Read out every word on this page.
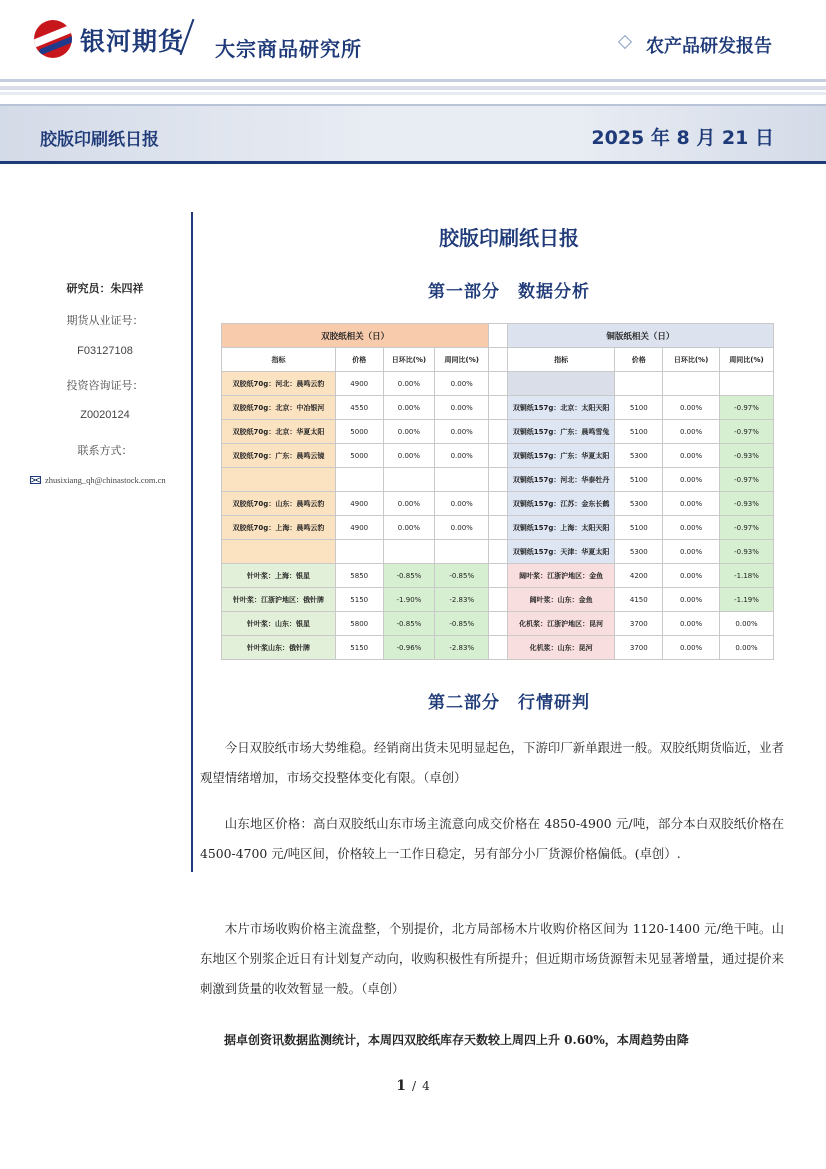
银河期货 大宗商品研究所	农产品研发报告
胶版印刷纸日报	2025 年 8 月 21 日
研究员：朱四祥
期货从业证号：
F03127108
投资咨询证号：
Z0020124
联系方式：
zhusixiang_qh@chinastock.com.cn
胶版印刷纸日报
第一部分　数据分析
双胶纸相关（日）					铜版纸相关（日）			
指标	价格	日环比(%)	周同比(%)		指标	价格	日环比(%)	周同比(%)
双胶纸70g：河北：晨鸣云豹	4900	0.00%	0.00%					
双胶纸70g：北京：中冶银河	4550	0.00%	0.00%		双铜纸157g：北京：太阳天阳	5100	0.00%	-0.97%
双胶纸70g：北京：华夏太阳	5000	0.00%	0.00%		双铜纸157g：广东：晨鸣雪兔	5100	0.00%	-0.97%
双胶纸70g：广东：晨鸣云镜	5000	0.00%	0.00%		双铜纸157g：广东：华夏太阳	5300	0.00%	-0.93%
					双铜纸157g：河北：华泰牡丹	5100	0.00%	-0.97%
双胶纸70g：山东：晨鸣云豹	4900	0.00%	0.00%		双铜纸157g：江苏：金东长鹤	5300	0.00%	-0.93%
双胶纸70g：上海：晨鸣云豹	4900	0.00%	0.00%		双铜纸157g：上海：太阳天阳	5100	0.00%	-0.97%
					双铜纸157g：天津：华夏太阳	5300	0.00%	-0.93%
针叶浆：上海：银星	5850	-0.85%	-0.85%		阔叶浆：江浙沪地区：金鱼	4200	0.00%	-1.18%
针叶浆：江浙沪地区：俄针牌	5150	-1.90%	-2.83%		阔叶浆：山东：金鱼	4150	0.00%	-1.19%
针叶浆：山东：银星	5800	-0.85%	-0.85%		化机浆：江浙沪地区：昆河	3700	0.00%	0.00%
针叶浆山东：俄针牌	5150	-0.96%	-2.83%		化机浆：山东：昆河	3700	0.00%	0.00%
第二部分　行情研判

今日双胶纸市场大势维稳。经销商出货未见明显起色，下游印厂新单跟进一般。双胶纸期货临近，业者观望情绪增加，市场交投整体变化有限。（卓创）

山东地区价格：高白双胶纸山东市场主流意向成交价格在 4850-4900 元/吨，部分本白双胶纸价格在 4500-4700 元/吨区间，价格较上一工作日稳定，另有部分小厂货源价格偏低。(卓创）.

木片市场收购价格主流盘整，个别提价，北方局部杨木片收购价格区间为 1120-1400 元/绝干吨。山东地区个别浆企近日有计划复产动向，收购积极性有所提升；但近期市场货源暂未见显著增量，通过提价来刺激到货量的收效暂显一般。（卓创）

据卓创资讯数据监测统计，本周四双胶纸库存天数较上周四上升 0.60%，本周趋势由降

1 / 4
